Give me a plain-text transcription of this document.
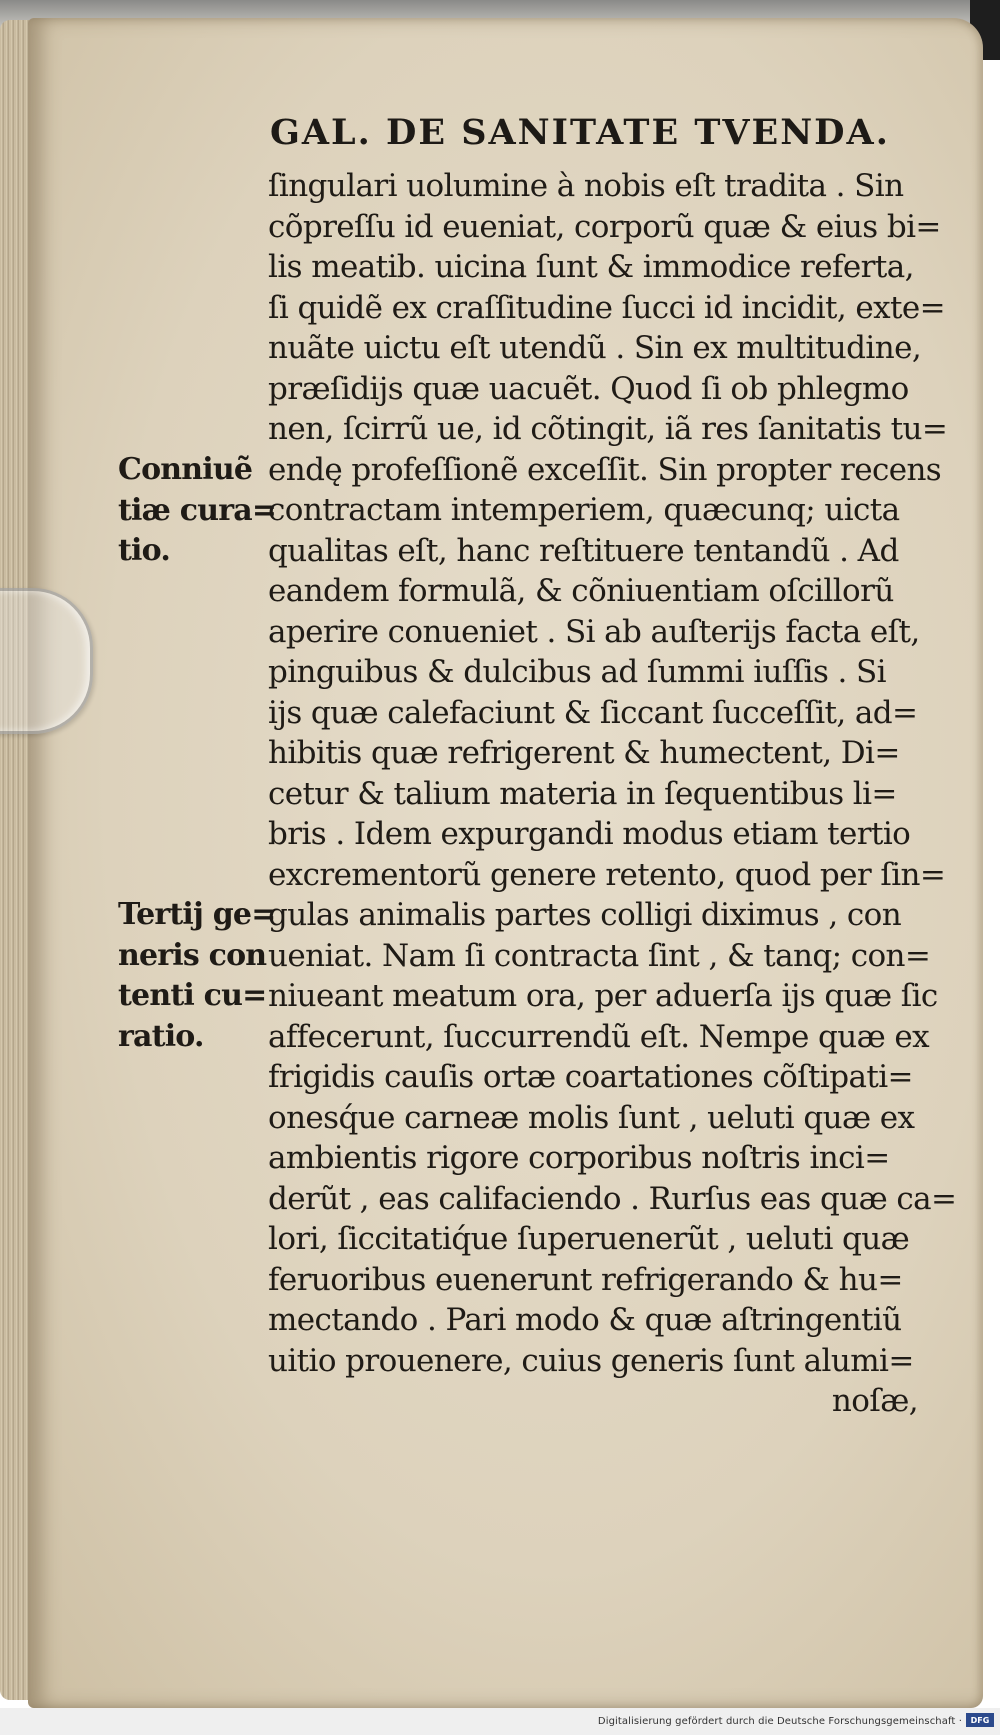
GAL. DE SANITATE TVENDA.
ſingulari uolumine à nobis eſt tradita . Sin
cõpreſſu id eueniat, corporũ quæ & eius bi=
lis meatib. uicina ſunt & immodice referta,
ſi quidẽ ex craſſitudine ſucci id incidit, exte=
nuãte uictu eſt utendũ . Sin ex multitudine,
præſidijs quæ uacuẽt. Quod ſi ob phlegmo
nen, ſcirrũ ue, id cõtingit, iã res ſanitatis tu=
endę profeſſionẽ exceſſit. Sin propter recens
contractam intemperiem, quæcunq; uicta
qualitas eſt, hanc reſtituere tentandũ . Ad
eandem formulã, & cõniuentiam oſcillorũ
aperire conueniet . Si ab auſterijs facta eſt,
pinguibus & dulcibus ad ſummi iuſſis . Si
ijs quæ calefaciunt & ſiccant ſucceſſit, ad=
hibitis quæ refrigerent & humectent, Di=
cetur & talium materia in ſequentibus li=
bris . Idem expurgandi modus etiam tertio
excrementorũ genere retento, quod per ſin=
gulas animalis partes colligi diximus , con
ueniat. Nam ſi contracta ſint , & tanq; con=
niueant meatum ora, per aduerſa ijs quæ ſic
affecerunt, ſuccurrendũ eſt. Nempe quæ ex
frigidis cauſis ortæ coartationes cõſtipati=
onesq́ue carneæ molis ſunt , ueluti quæ ex
ambientis rigore corporibus noſtris inci=
derũt , eas califaciendo . Rurſus eas quæ ca=
lori, ſiccitatiq́ue ſuperuenerũt , ueluti quæ
feruoribus euenerunt refrigerando & hu=
mectando . Pari modo & quæ aſtringentiũ
uitio prouenere, cuius generis ſunt alumi=
noſæ,
Conniuẽ
tiæ cura=
tio.
Tertij ge=
neris con
tenti cu=
ratio.
Digitalisierung gefördert durch die Deutsche Forschungsgemeinschaft ·	DFG
